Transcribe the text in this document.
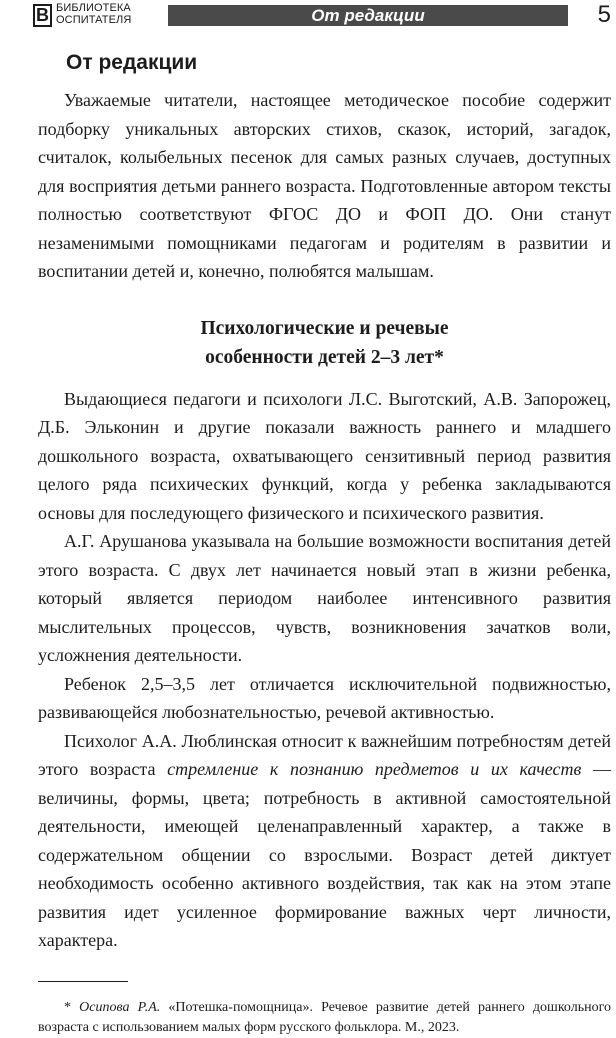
B БИБЛИОТЕКА
ОСПИТАТЕЛЯ	От редакции	5
От редакции

Уважаемые читатели, настоящее методическое пособие содержит подборку уникальных авторских стихов, сказок, историй, загадок, считалок, колыбельных песенок для самых разных случаев, доступных для восприятия детьми раннего возраста. Подготовленные автором тексты полностью соответствуют ФГОС ДО и ФОП ДО. Они станут незаменимыми помощниками педагогам и родителям в развитии и воспитании детей и, конечно, полюбятся малышам.

Психологические и речевые
особенности детей 2–3 лет*

Выдающиеся педагоги и психологи Л.С. Выготский, А.В. Запорожец, Д.Б. Эльконин и другие показали важность раннего и младшего дошкольного возраста, охватывающего сензитивный период развития целого ряда психических функций, когда у ребенка закладываются основы для последующего физического и психического развития.

А.Г. Арушанова указывала на большие возможности воспитания детей этого возраста. С двух лет начинается новый этап в жизни ребенка, который является периодом наиболее интенсивного развития мыслительных процессов, чувств, возникновения зачатков воли, усложнения деятельности.

Ребенок 2,5–3,5 лет отличается исключительной подвижностью, развивающейся любознательностью, речевой активностью.

Психолог А.А. Люблинская относит к важнейшим потребностям детей этого возраста стремление к познанию предметов и их качеств — величины, формы, цвета; потребность в активной самостоятельной деятельности, имеющей целенаправленный характер, а также в содержательном общении со взрослыми. Возраст детей диктует необходимость особенно активного воздействия, так как на этом этапе развития идет усиленное формирование важных черт личности, характера.

* Осипова Р.А. «Потешка-помощница». Речевое развитие детей раннего дошкольного возраста с использованием малых форм русского фольклора. М., 2023.
